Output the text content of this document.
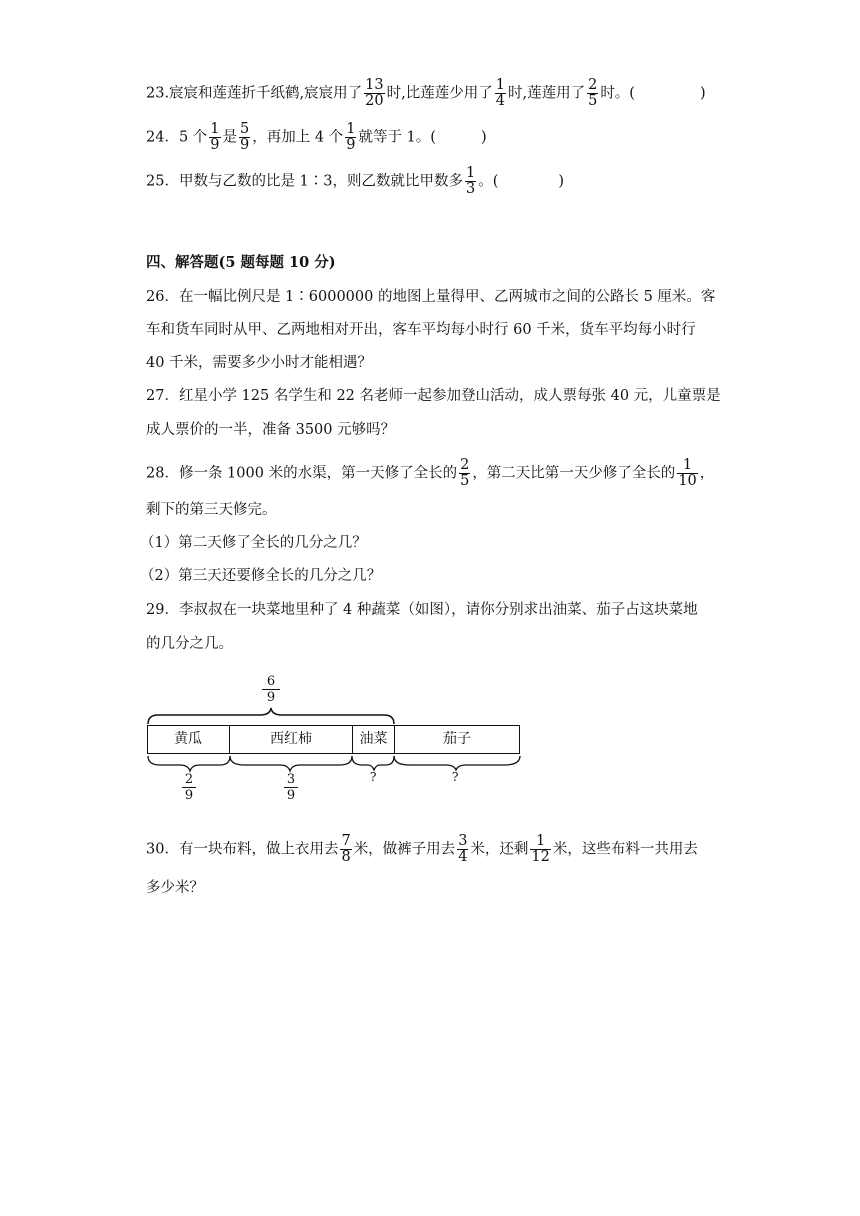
23.宸宸和莲莲折千纸鹤,宸宸用了 $\frac{13}{20}$ 时,比莲莲少用了 $\frac{1}{4}$ 时,莲莲用了 $\frac{2}{5}$ 时。(	)
24．5 个 $\frac{1}{9}$ 是 $\frac{5}{9}$ ，再加上 4 个 $\frac{1}{9}$ 就等于 1。(	)
25．甲数与乙数的比是 1∶3，则乙数就比甲数多 $\frac{1}{3}$ 。(	)
四、解答题(5 题每题 10 分)
26．在一幅比例尺是 1∶6000000 的地图上量得甲、乙两城市之间的公路长 5 厘米。客
车和货车同时从甲、乙两地相对开出，客车平均每小时行 60 千米，货车平均每小时行
40 千米，需要多少小时才能相遇？
27．红星小学 125 名学生和 22 名老师一起参加登山活动，成人票每张 40 元，儿童票是
成人票价的一半，准备 3500 元够吗？
28．修一条 1000 米的水渠，第一天修了全长的 $\frac{2}{5}$ ，第二天比第一天少修了全长的 $\frac{1}{10}$ ，
剩下的第三天修完。
（1）第二天修了全长的几分之几？
（2）第三天还要修全长的几分之几？
29．李叔叔在一块菜地里种了 4 种蔬菜（如图），请你分别求出油菜、茄子占这块菜地
的几分之几。
$\frac{6}{9}$
黄瓜	西红柿	油菜	茄子
$\frac{2}{9}$	$\frac{3}{9}$	?	?
30．有一块布料，做上衣用去 $\frac{7}{8}$ 米，做裤子用去 $\frac{3}{4}$ 米，还剩 $\frac{1}{12}$ 米，这些布料一共用去
多少米？
